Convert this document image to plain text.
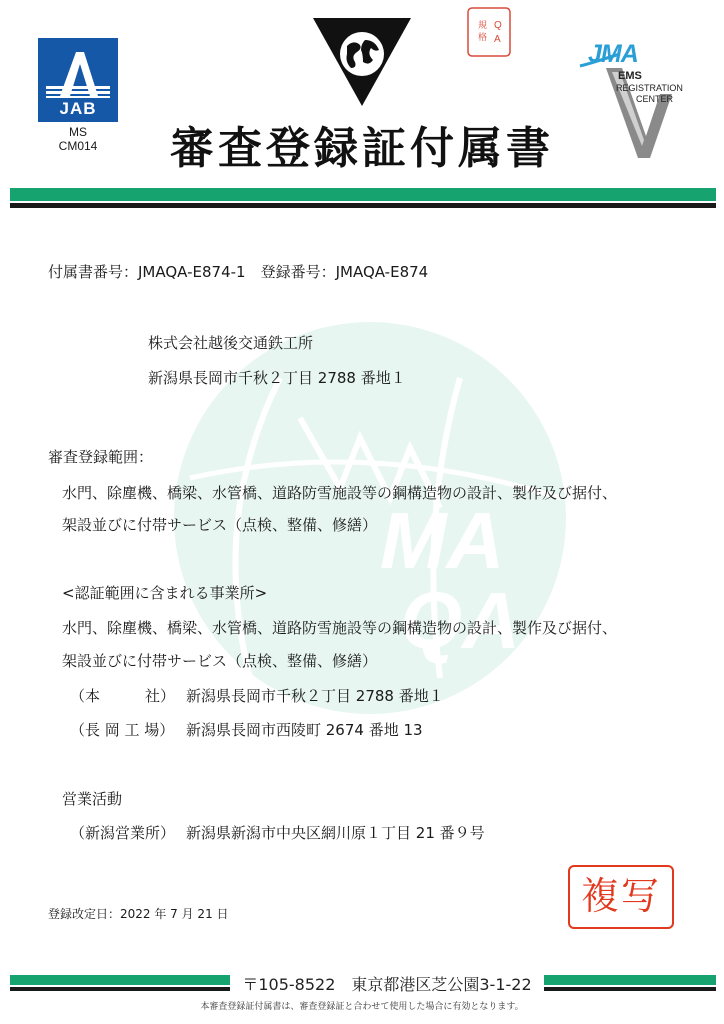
JAB
MS
CM014
規
格
Q
A
JMA
EMS
REGISTRATION
CENTER
審査登録証付属書
MA
QA
付属書番号：JMAQA-E874-1　登録番号：JMAQA-E874
株式会社越後交通鉄工所
新潟県長岡市千秋２丁目 2788 番地１
審査登録範囲：
水門、除塵機、橋梁、水管橋、道路防雪施設等の鋼構造物の設計、製作及び据付、
架設並びに付帯サービス（点検、整備、修繕）
<認証範囲に含まれる事業所>
水門、除塵機、橋梁、水管橋、道路防雪施設等の鋼構造物の設計、製作及び据付、
架設並びに付帯サービス（点検、整備、修繕）
（本　　　社） 新潟県長岡市千秋２丁目 2788 番地１
（長 岡 工 場） 新潟県長岡市西陵町 2674 番地 13
営業活動
（新潟営業所） 新潟県新潟市中央区網川原１丁目 21 番９号
登録改定日：2022 年 7 月 21 日	複写
〒105-8522　東京都港区芝公園3-1-22
本審査登録証付属書は、審査登録証と合わせて使用した場合に有効となります。
